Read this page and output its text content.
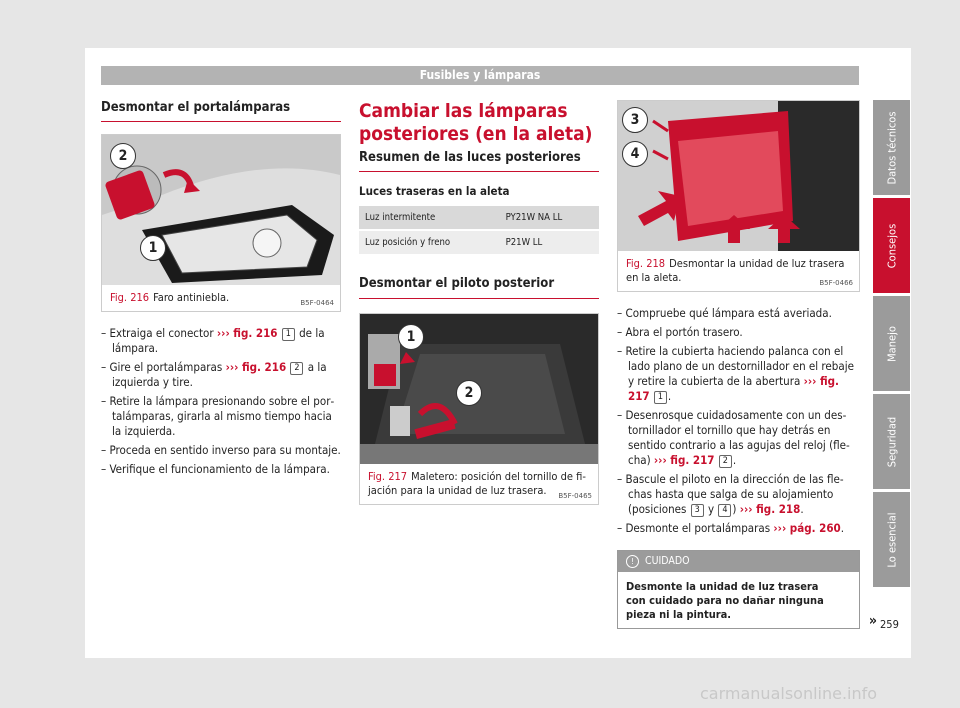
Fusibles y lámparas
Desmontar el portalámparas
B5F-0464
2
1
Fig. 216 Faro antiniebla.
– Extraiga el conector ››› fig. 216 1 de la lámpara.
– Gire el portalámparas ››› fig. 216 2 a la izquierda y tire.
– Retire la lámpara presionando sobre el portalámparas, girarla al mismo tiempo hacia la izquierda.
– Proceda en sentido inverso para su montaje.
– Verifique el funcionamiento de la lámpara.
Cambiar las lámparas posteriores (en la aleta)
Resumen de las luces posteriores
Luces traseras en la aleta
Luz intermitente	PY21W NA LL
Luz posición y freno	P21W LL
Desmontar el piloto posterior
B5F-0465
1
2
Fig. 217 Maletero: posición del tornillo de fijación para la unidad de luz trasera.
B5F-0466
3
4
Fig. 218 Desmontar la unidad de luz trasera en la aleta.
– Compruebe qué lámpara está averiada.
– Abra el portón trasero.
– Retire la cubierta haciendo palanca con el lado plano de un destornillador en el rebaje y retire la cubierta de la abertura ››› fig. 217 1 .
– Desenrosque cuidadosamente con un destornillador el tornillo que hay detrás en sentido contrario a las agujas del reloj (flecha) ››› fig. 217 2 .
– Bascule el piloto en la dirección de las flechas hasta que salga de su alojamiento (posiciones 3 y 4 ) ››› fig. 218.
– Desmonte el portalámparas ››› pág. 260.
! CUIDADO
Desmonte la unidad de luz trasera con cuidado para no dañar ninguna pieza ni la pintura.	»
Datos técnicos
Consejos
Manejo
Seguridad
Lo esencial
259
carmanualsonline.info
